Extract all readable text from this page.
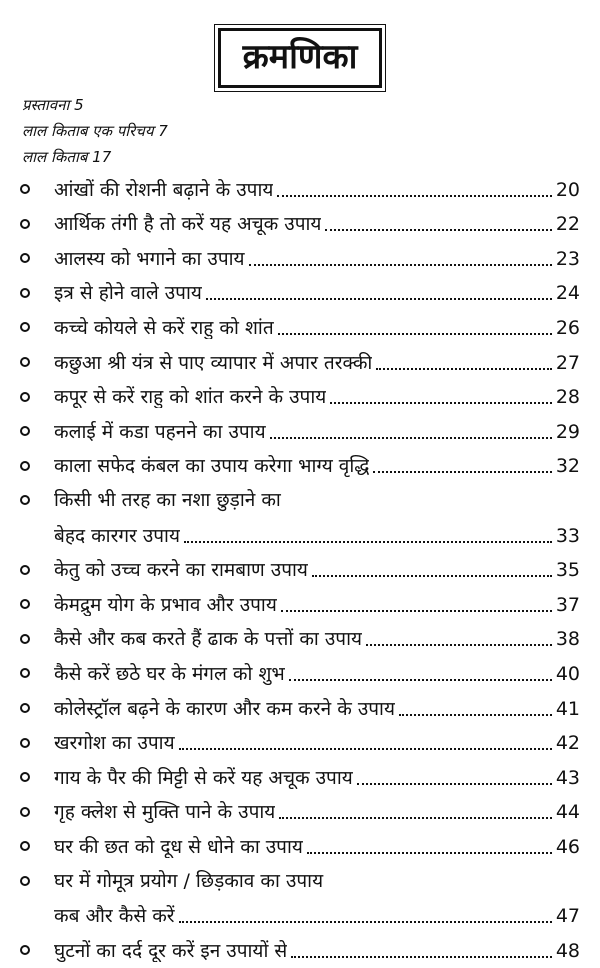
क्रमणिका
प्रस्तावना 5
लाल किताब एक परिचय 7
लाल किताब 17
आंखों की रोशनी बढ़ाने के उपाय	20
आर्थिक तंगी है तो करें यह अचूक उपाय	22
आलस्य को भगाने का उपाय	23
इत्र से होने वाले उपाय	24
कच्चे कोयले से करें राहु को शांत	26
कछुआ श्री यंत्र से पाए व्यापार में अपार तरक्की	27
कपूर से करें राहु को शांत करने के उपाय	28
कलाई में कडा पहनने का उपाय	29
काला सफेद कंबल का उपाय करेगा भाग्य वृद्धि	32
किसी भी तरह का नशा छुड़ाने का
बेहद कारगर उपाय	33
केतु को उच्च करने का रामबाण उपाय	35
केमद्रुम योग के प्रभाव और उपाय	37
कैसे और कब करते हैं ढाक के पत्तों का उपाय	38
कैसे करें छठे घर के मंगल को शुभ	40
कोलेस्ट्रॉल बढ़ने के कारण और कम करने के उपाय	41
खरगोश का उपाय	42
गाय के पैर की मिट्टी से करें यह अचूक उपाय	43
गृह क्लेश से मुक्ति पाने के उपाय	44
घर की छत को दूध से धोने का उपाय	46
घर में गोमूत्र प्रयोग / छिड़काव का उपाय
कब और कैसे करें	47
घुटनों का दर्द दूर करें इन उपायों से	48
